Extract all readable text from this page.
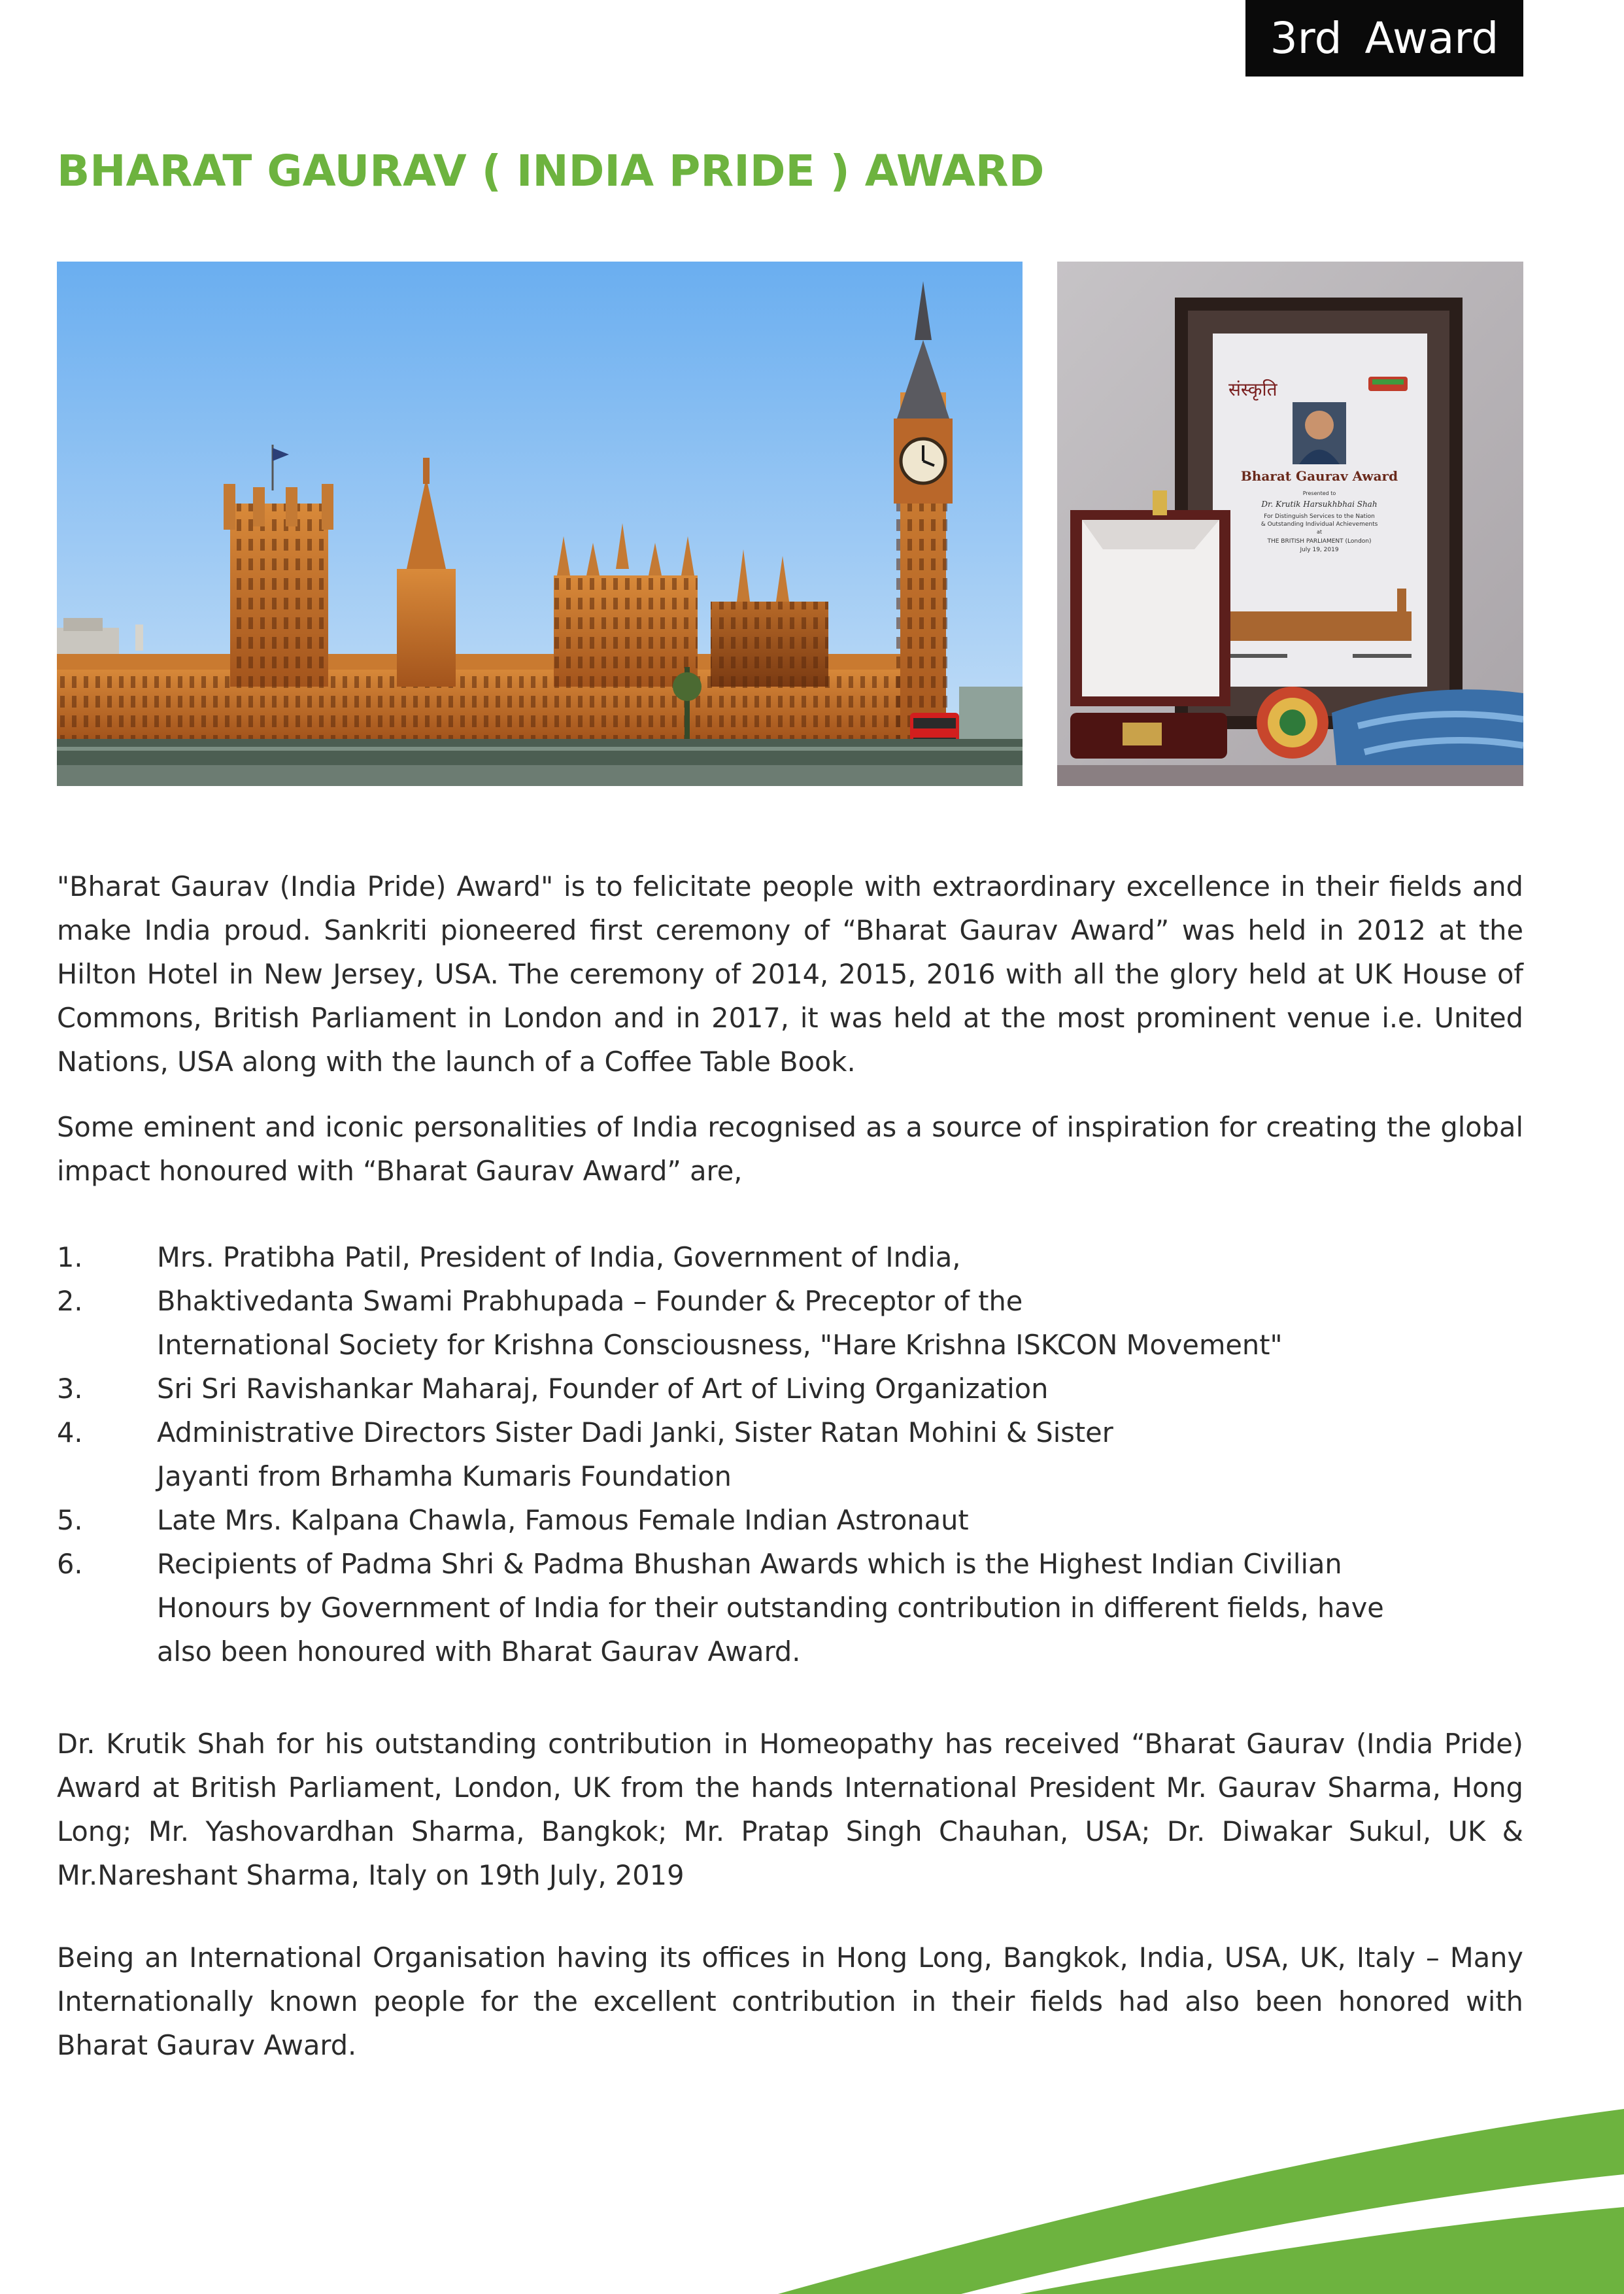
3rd Award
BHARAT GAURAV ( INDIA PRIDE ) AWARD
संस्कृति
Bharat Gaurav Award
Presented to
Dr. Krutik Harsukhbhai Shah
For Distinguish Services to the Nation
& Outstanding Individual Achievements
at
THE BRITISH PARLIAMENT (London)
July 19, 2019

"Bharat Gaurav (India Pride) Award" is to felicitate people with extraordinary excellence in their fields and make India proud. Sankriti pioneered first ceremony of “Bharat Gaurav Award” was held in 2012 at the Hilton Hotel in New Jersey, USA. The ceremony of 2014, 2015, 2016 with all the glory held at UK House of Commons, British Parliament in London and in 2017, it was held at the most prominent venue i.e. United Nations, USA along with the launch of a Coffee Table Book.

Some eminent and iconic personalities of India recognised as a source of inspiration for creating the global impact honoured with “Bharat Gaurav Award” are,

1.	Mrs. Pratibha Patil, President of India, Government of India,
2.	Bhaktivedanta Swami Prabhupada – Founder & Preceptor of the
International Society for Krishna Consciousness, "Hare Krishna ISKCON Movement"
3.	Sri Sri Ravishankar Maharaj, Founder of Art of Living Organization
4.	Administrative Directors Sister Dadi Janki, Sister Ratan Mohini & Sister
Jayanti from Brhamha Kumaris Foundation
5.	Late Mrs. Kalpana Chawla, Famous Female Indian Astronaut
6.	Recipients of Padma Shri & Padma Bhushan Awards which is the Highest Indian Civilian
Honours by Government of India for their outstanding contribution in different fields, have
also been honoured with Bharat Gaurav Award.

Dr. Krutik Shah for his outstanding contribution in Homeopathy has received “Bharat Gaurav (India Pride) Award at British Parliament, London, UK from the hands International President Mr. Gaurav Sharma, Hong Long; Mr. Yashovardhan Sharma, Bangkok; Mr. Pratap Singh Chauhan, USA; Dr. Diwakar Sukul, UK & Mr.Nareshant Sharma, Italy on 19th July, 2019

Being an International Organisation having its offices in Hong Long, Bangkok, India, USA, UK, Italy – Many Internationally known people for the excellent contribution in their fields had also been honored with Bharat Gaurav Award.
